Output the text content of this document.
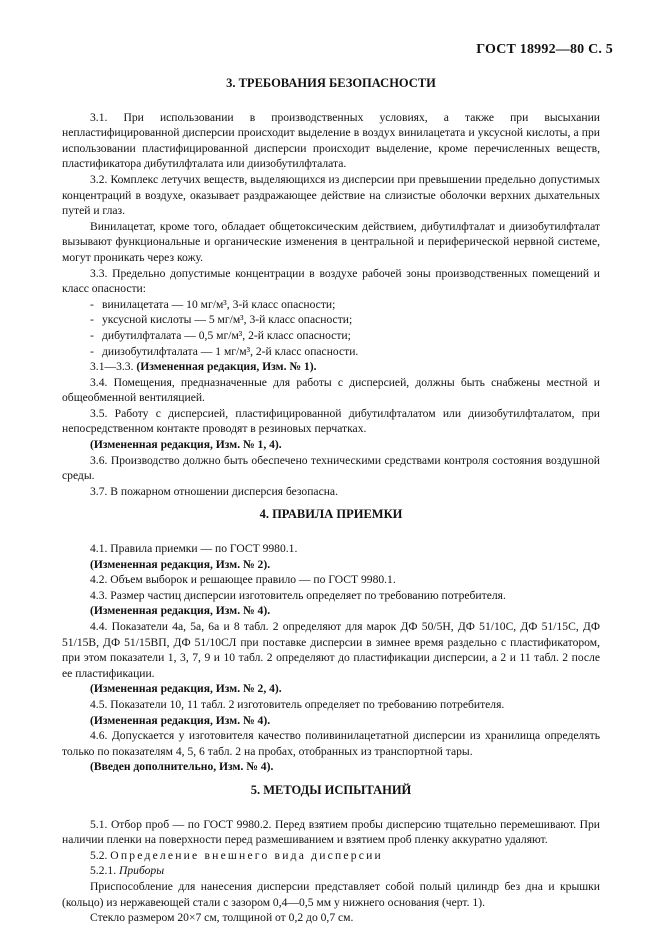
ГОСТ 18992—80 С. 5
3. ТРЕБОВАНИЯ БЕЗОПАСНОСТИ

3.1. При использовании в производственных условиях, а также при высыхании непластифицированной дисперсии происходит выделение в воздух винилацетата и уксусной кислоты, а при использовании пластифицированной дисперсии происходит выделение, кроме перечисленных веществ, пластификатора дибутилфталата или диизобутилфталата.

3.2. Комплекс летучих веществ, выделяющихся из дисперсии при превышении предельно допустимых концентраций в воздухе, оказывает раздражающее действие на слизистые оболочки верхних дыхательных путей и глаз.

Винилацетат, кроме того, обладает общетоксическим действием, дибутилфталат и диизобутилфталат вызывают функциональные и органические изменения в центральной и периферической нервной системе, могут проникать через кожу.

3.3. Предельно допустимые концентрации в воздухе рабочей зоны производственных помещений и класс опасности:

- винилацетата — 10 мг/м³, 3-й класс опасности;

- уксусной кислоты — 5 мг/м³, 3-й класс опасности;

- дибутилфталата — 0,5 мг/м³, 2-й класс опасности;

- диизобутилфталата — 1 мг/м³, 2-й класс опасности.

3.1—3.3. (Измененная редакция, Изм. № 1).

3.4. Помещения, предназначенные для работы с дисперсией, должны быть снабжены местной и общеобменной вентиляцией.

3.5. Работу с дисперсией, пластифицированной дибутилфталатом или диизобутилфталатом, при непосредственном контакте проводят в резиновых перчатках.

(Измененная редакция, Изм. № 1, 4).

3.6. Производство должно быть обеспечено техническими средствами контроля состояния воздушной среды.

3.7. В пожарном отношении дисперсия безопасна.

4. ПРАВИЛА ПРИЕМКИ

4.1. Правила приемки — по ГОСТ 9980.1.

(Измененная редакция, Изм. № 2).

4.2. Объем выборок и решающее правило — по ГОСТ 9980.1.

4.3. Размер частиц дисперсии изготовитель определяет по требованию потребителя.

(Измененная редакция, Изм. № 4).

4.4. Показатели 4а, 5а, 6а и 8 табл. 2 определяют для марок ДФ 50/5Н, ДФ 51/10С, ДФ 51/15С, ДФ 51/15В, ДФ 51/15ВП, ДФ 51/10СЛ при поставке дисперсии в зимнее время раздельно с пластификатором, при этом показатели 1, 3, 7, 9 и 10 табл. 2 определяют до пластификации дисперсии, а 2 и 11 табл. 2 после ее пластификации.

(Измененная редакция, Изм. № 2, 4).

4.5. Показатели 10, 11 табл. 2 изготовитель определяет по требованию потребителя.

(Измененная редакция, Изм. № 4).

4.6. Допускается у изготовителя качество поливинилацетатной дисперсии из хранилища определять только по показателям 4, 5, 6 табл. 2 на пробах, отобранных из транспортной тары.

(Введен дополнительно, Изм. № 4).

5. МЕТОДЫ ИСПЫТАНИЙ

5.1. Отбор проб — по ГОСТ 9980.2. Перед взятием пробы дисперсию тщательно перемешивают. При наличии пленки на поверхности перед размешиванием и взятием проб пленку аккуратно удаляют.

5.2. Определение внешнего вида дисперсии

5.2.1. Приборы

Приспособление для нанесения дисперсии представляет собой полый цилиндр без дна и крышки (кольцо) из нержавеющей стали с зазором 0,4—0,5 мм у нижнего основания (черт. 1).

Стекло размером 20×7 см, толщиной от 0,2 до 0,7 см.
